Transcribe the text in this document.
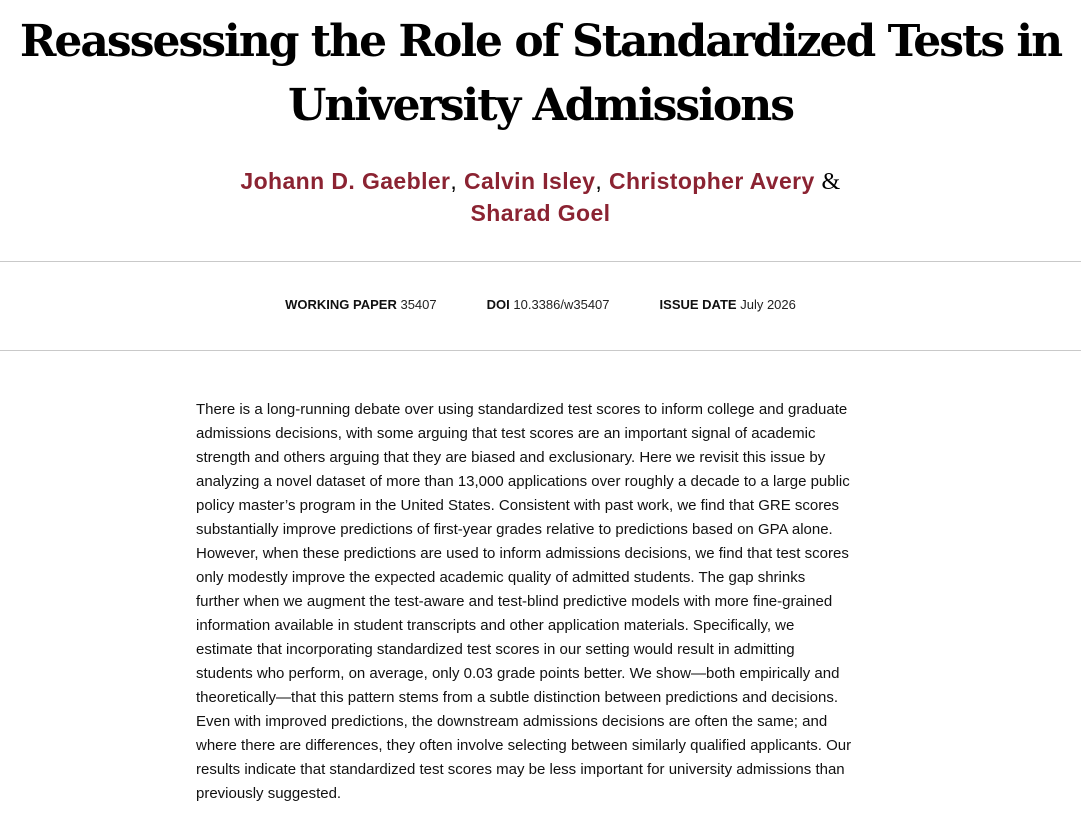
Reassessing the Role of Standardized Tests in
University Admissions
Johann D. Gaebler, Calvin Isley, Christopher Avery &
Sharad Goel
WORKING PAPER 35407	DOI 10.3386/w35407	ISSUE DATE July 2026

There is a long-running debate over using standardized test scores to inform college and graduate
admissions decisions, with some arguing that test scores are an important signal of academic
strength and others arguing that they are biased and exclusionary. Here we revisit this issue by
analyzing a novel dataset of more than 13,000 applications over roughly a decade to a large public
policy master’s program in the United States. Consistent with past work, we find that GRE scores
substantially improve predictions of first-year grades relative to predictions based on GPA alone.
However, when these predictions are used to inform admissions decisions, we find that test scores
only modestly improve the expected academic quality of admitted students. The gap shrinks
further when we augment the test-aware and test-blind predictive models with more fine-grained
information available in student transcripts and other application materials. Specifically, we
estimate that incorporating standardized test scores in our setting would result in admitting
students who perform, on average, only 0.03 grade points better. We show—both empirically and
theoretically—that this pattern stems from a subtle distinction between predictions and decisions.
Even with improved predictions, the downstream admissions decisions are often the same; and
where there are differences, they often involve selecting between similarly qualified applicants. Our
results indicate that standardized test scores may be less important for university admissions than
previously suggested.
